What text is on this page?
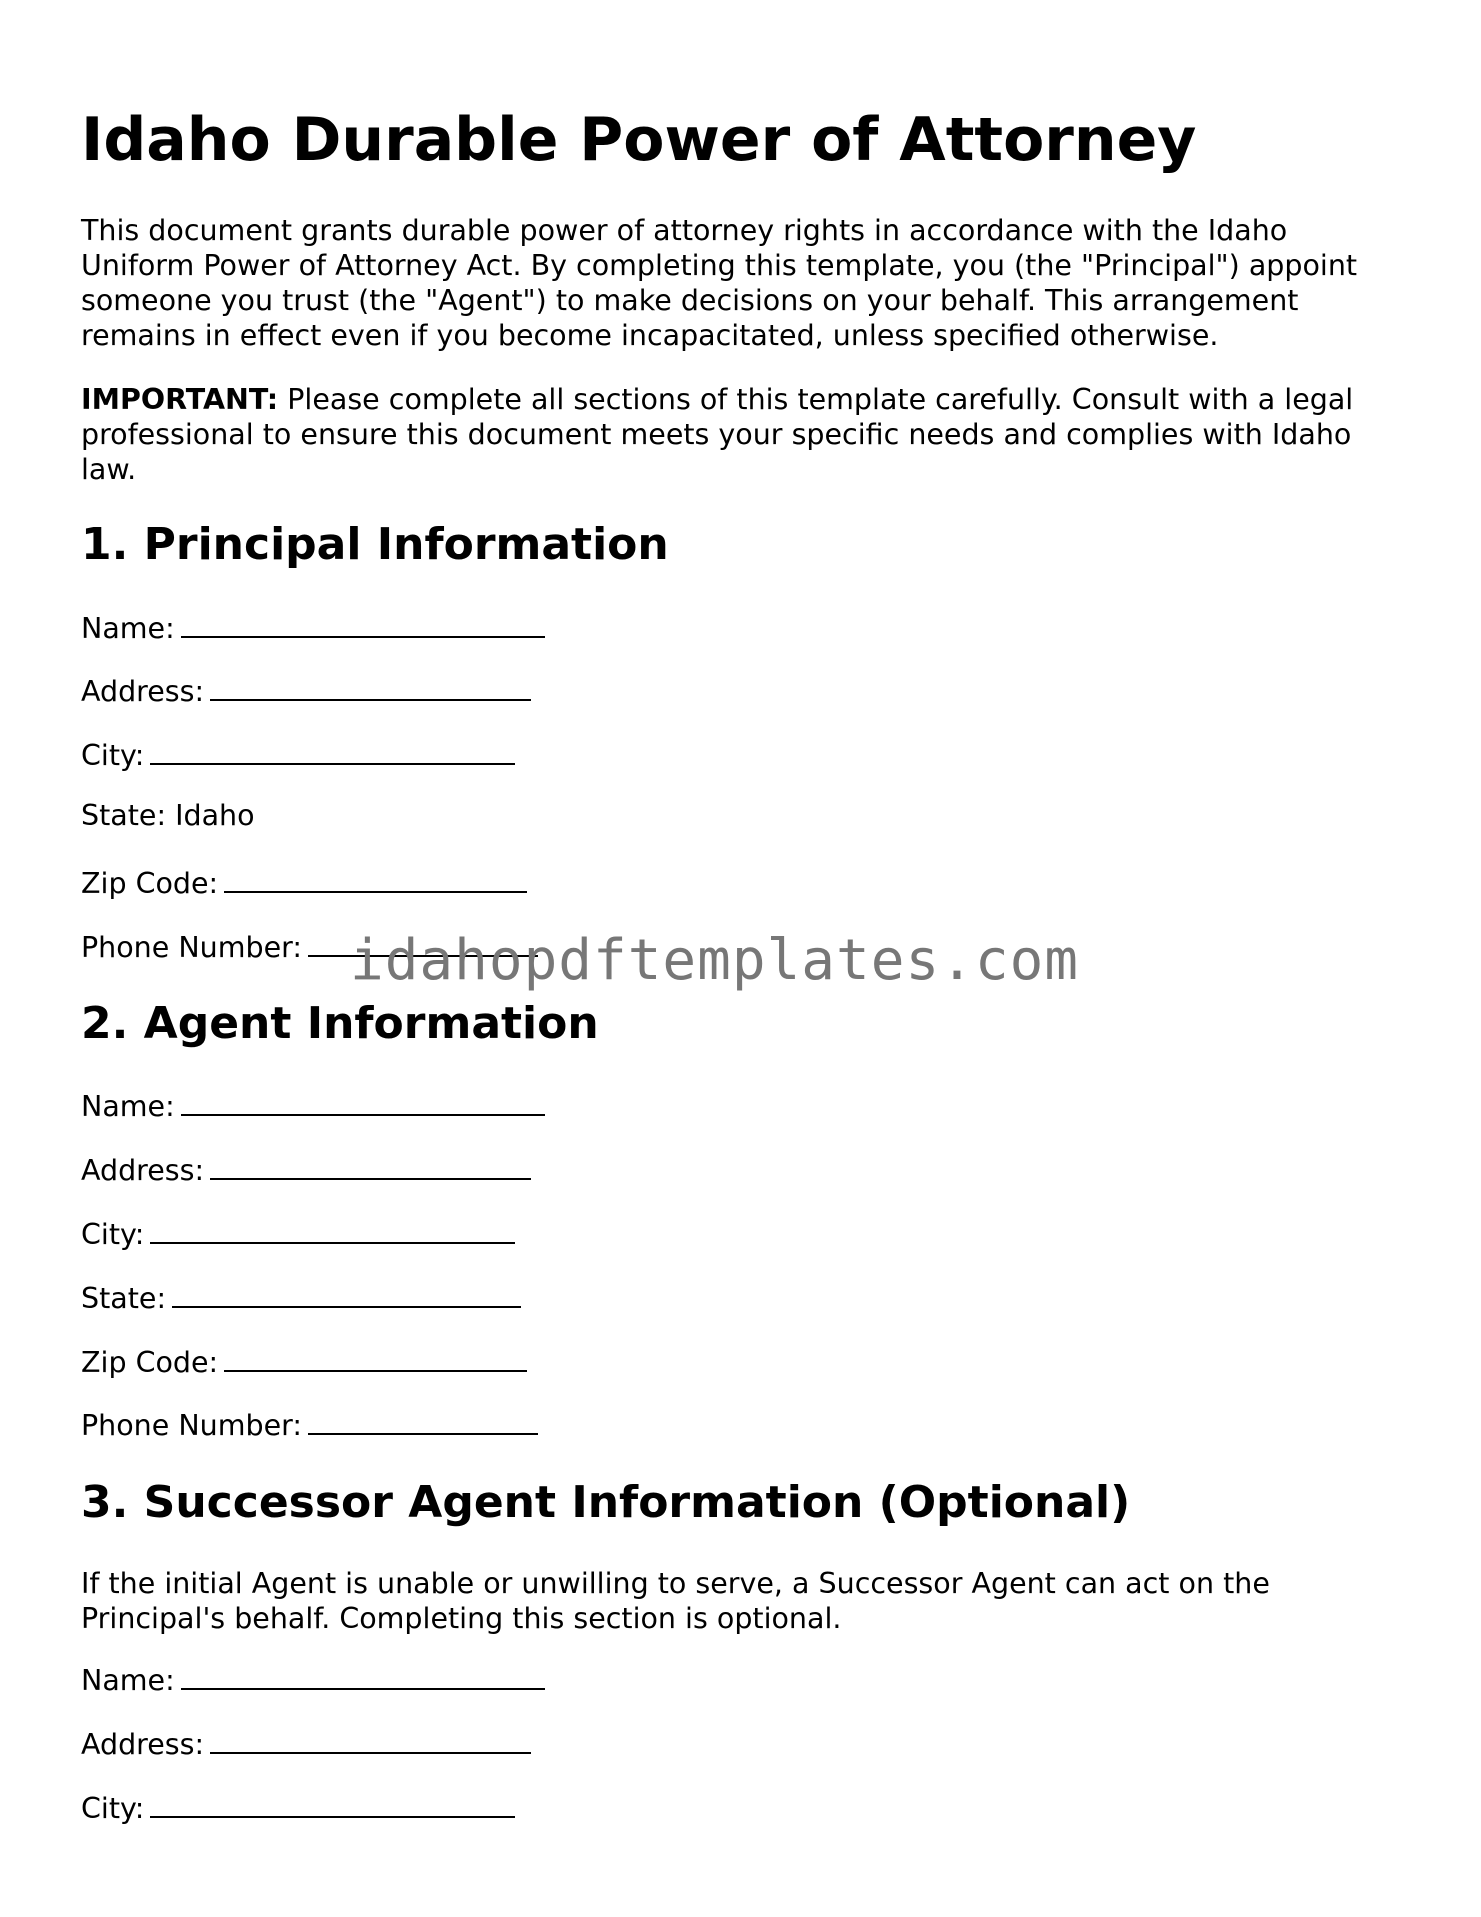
Idaho Durable Power of Attorney

This document grants durable power of attorney rights in accordance with the Idaho Uniform Power of Attorney Act. By completing this template, you (the "Principal") appoint someone you trust (the "Agent") to make decisions on your behalf. This arrangement remains in effect even if you become incapacitated, unless specified otherwise.

IMPORTANT: Please complete all sections of this template carefully. Consult with a legal professional to ensure this document meets your specific needs and complies with Idaho law.

1. Principal Information
Name:
Address:
City:
State: Idaho
Zip Code:
Phone Number:
2. Agent Information
Name:
Address:
City:
State:
Zip Code:
Phone Number:
3. Successor Agent Information (Optional)

If the initial Agent is unable or unwilling to serve, a Successor Agent can act on the Principal's behalf. Completing this section is optional.

Name:
Address:
City:
idahopdftemplates.com
